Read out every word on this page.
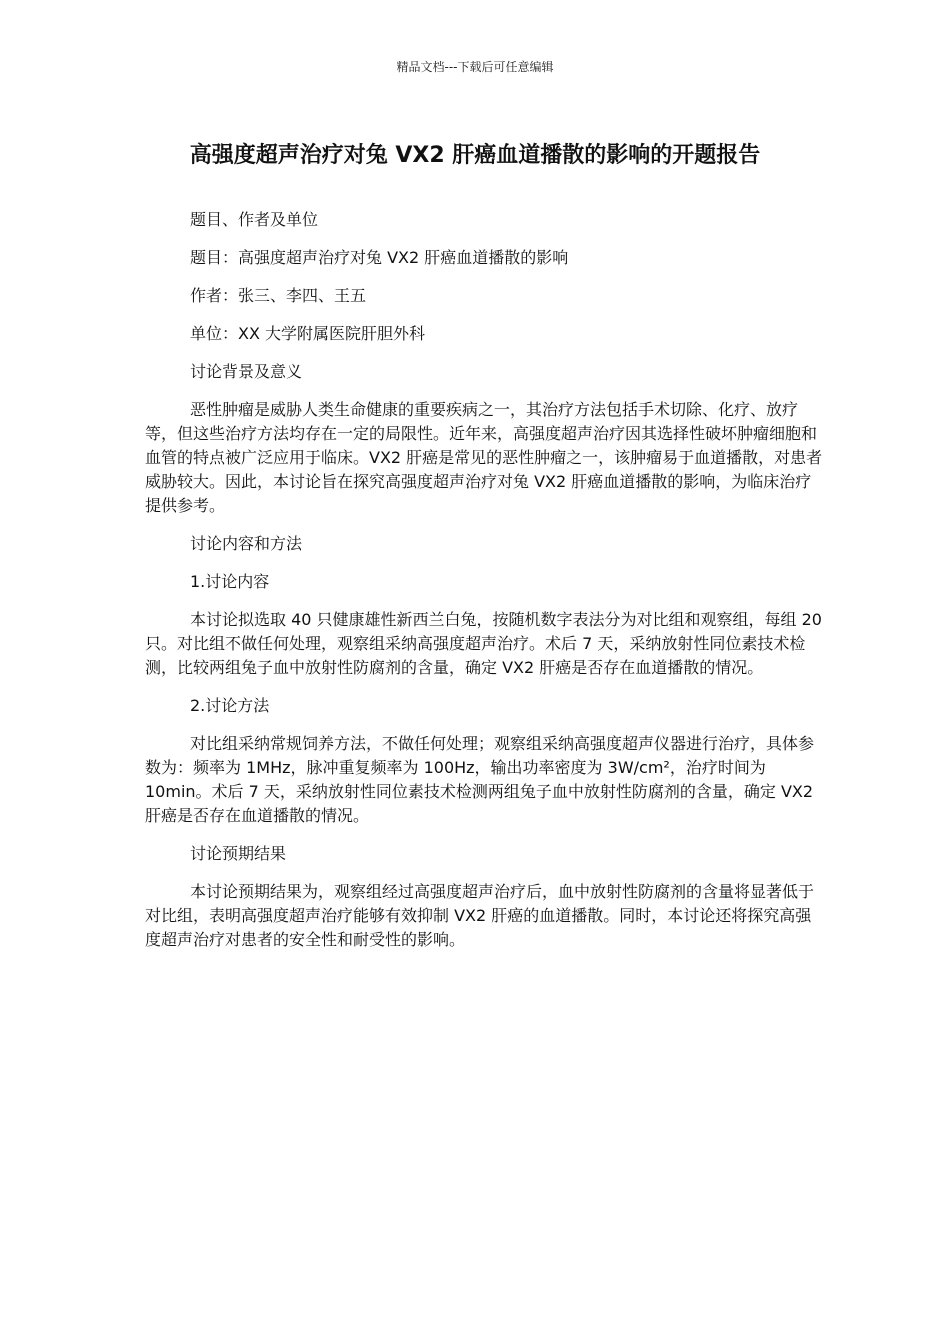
精品文档---下载后可任意编辑
高强度超声治疗对兔 VX2 肝癌血道播散的影响的开题报告
题目、作者及单位
题目：高强度超声治疗对兔 VX2 肝癌血道播散的影响
作者：张三、李四、王五
单位：XX 大学附属医院肝胆外科
讨论背景及意义

恶性肿瘤是威胁人类生命健康的重要疾病之一，其治疗方法包括手术切除、化疗、放疗等，但这些治疗方法均存在一定的局限性。近年来，高强度超声治疗因其选择性破坏肿瘤细胞和血管的特点被广泛应用于临床。VX2 肝癌是常见的恶性肿瘤之一，该肿瘤易于血道播散，对患者威胁较大。因此，本讨论旨在探究高强度超声治疗对兔 VX2 肝癌血道播散的影响，为临床治疗提供参考。

讨论内容和方法
1.讨论内容

本讨论拟选取 40 只健康雄性新西兰白兔，按随机数字表法分为对比组和观察组，每组 20 只。对比组不做任何处理，观察组采纳高强度超声治疗。术后 7 天，采纳放射性同位素技术检测，比较两组兔子血中放射性防腐剂的含量，确定 VX2 肝癌是否存在血道播散的情况。

2.讨论方法

对比组采纳常规饲养方法，不做任何处理；观察组采纳高强度超声仪器进行治疗，具体参数为：频率为 1MHz，脉冲重复频率为 100Hz，输出功率密度为 3W/cm²，治疗时间为 10min。术后 7 天，采纳放射性同位素技术检测两组兔子血中放射性防腐剂的含量，确定 VX2 肝癌是否存在血道播散的情况。

讨论预期结果

本讨论预期结果为，观察组经过高强度超声治疗后，血中放射性防腐剂的含量将显著低于对比组，表明高强度超声治疗能够有效抑制 VX2 肝癌的血道播散。同时，本讨论还将探究高强度超声治疗对患者的安全性和耐受性的影响。
